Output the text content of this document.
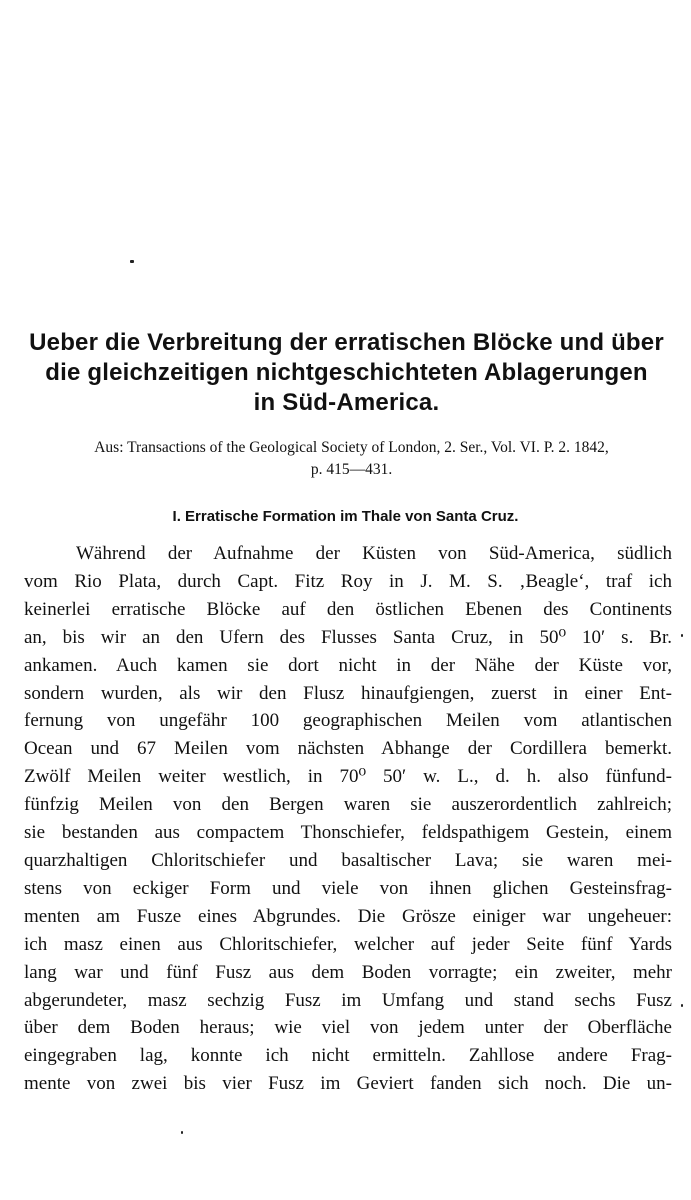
Ueber die Verbreitung der erratischen Blöcke und über
die gleichzeitigen nichtgeschichteten Ablagerungen
in Süd-America.
Aus: Transactions of the Geological Society of London, 2. Ser., Vol. VI. P. 2. 1842,
p. 415—431.
I. Erratische Formation im Thale von Santa Cruz.
Während der Aufnahme der Küsten von Süd-America, südlich
vom Rio Plata, durch Capt. Fitz Roy in J. M. S. ‚Beagle‘, traf ich
keinerlei erratische Blöcke auf den östlichen Ebenen des Continents
an, bis wir an den Ufern des Flusses Santa Cruz, in 50⁰ 10′ s. Br.
ankamen. Auch kamen sie dort nicht in der Nähe der Küste vor,
sondern wurden, als wir den Flusz hinaufgiengen, zuerst in einer Ent-
fernung von ungefähr 100 geographischen Meilen vom atlantischen
Ocean und 67 Meilen vom nächsten Abhange der Cordillera bemerkt.
Zwölf Meilen weiter westlich, in 70⁰ 50′ w. L., d. h. also fünfund-
fünfzig Meilen von den Bergen waren sie auszerordentlich zahlreich;
sie bestanden aus compactem Thonschiefer, feldspathigem Gestein, einem
quarzhaltigen Chloritschiefer und basaltischer Lava; sie waren mei-
stens von eckiger Form und viele von ihnen glichen Gesteinsfrag-
menten am Fusze eines Abgrundes. Die Grösze einiger war ungeheuer:
ich masz einen aus Chloritschiefer, welcher auf jeder Seite fünf Yards
lang war und fünf Fusz aus dem Boden vorragte; ein zweiter, mehr
abgerundeter, masz sechzig Fusz im Umfang und stand sechs Fusz
über dem Boden heraus; wie viel von jedem unter der Oberfläche
eingegraben lag, konnte ich nicht ermitteln. Zahllose andere Frag-
mente von zwei bis vier Fusz im Geviert fanden sich noch. Die un-
